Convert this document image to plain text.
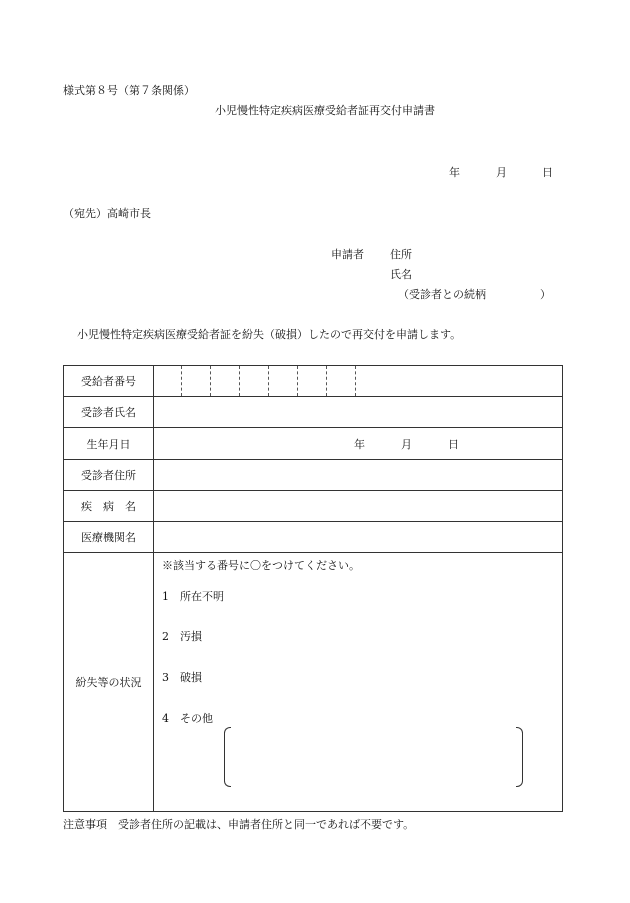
様式第８号（第７条関係）
小児慢性特定疾病医療受給者証再交付申請書
年	月	日
（宛先）高崎市長
申請者 住所
氏名
（受診者との続柄	）
小児慢性特定疾病医療受給者証を紛失（破損）したので再交付を申請します。
受給者番号	

受診者氏名	
生年月日	年 月 日

受診者住所	
疾　病　名	
医療機関名	
紛失等の状況	※該当する番号に〇をつけてください。
1　所在不明
2　汚損
3　破損
4　その他
注意事項　受診者住所の記載は、申請者住所と同一であれば不要です。
